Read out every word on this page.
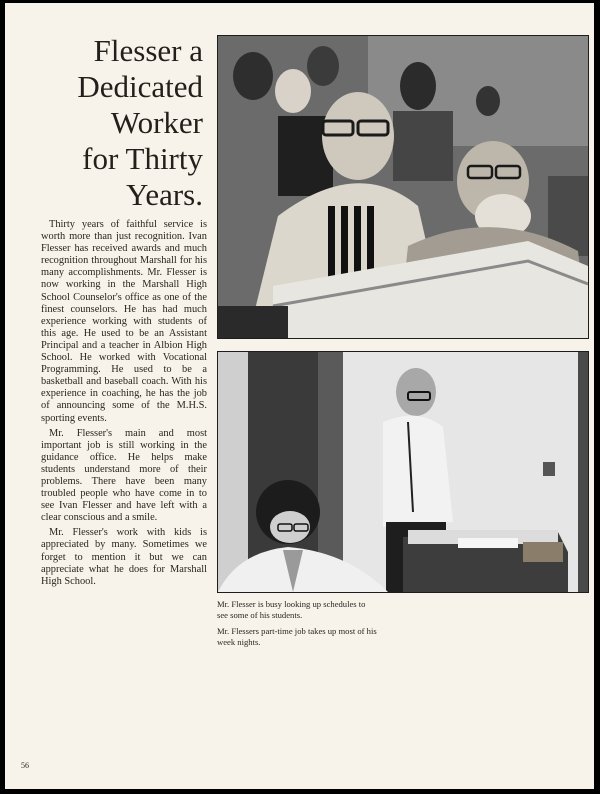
Flesser a
Dedicated
Worker
for Thirty
Years.

Thirty years of faithful service is worth more than just recognition. Ivan Flesser has received awards and much recognition throughout Marshall for his many accomplishments. Mr. Flesser is now working in the Marshall High School Counselor's office as one of the finest counselors. He has had much experience working with students of this age. He used to be an Assistant Principal and a teacher in Albion High School. He worked with Vocational Programming. He used to be a basketball and baseball coach. With his experience in coaching, he has the job of announcing some of the M.H.S. sporting events.

Mr. Flesser's main and most important job is still working in the guidance office. He helps make students understand more of their problems. There have been many troubled people who have come in to see Ivan Flesser and have left with a clear conscious and a smile.

Mr. Flesser's work with kids is appreciated by many. Sometimes we forget to mention it but we can appreciate what he does for Marshall High School.

Mr. Flesser is busy looking up schedules to see some of his students.

Mr. Flessers part-time job takes up most of his week nights.

56
